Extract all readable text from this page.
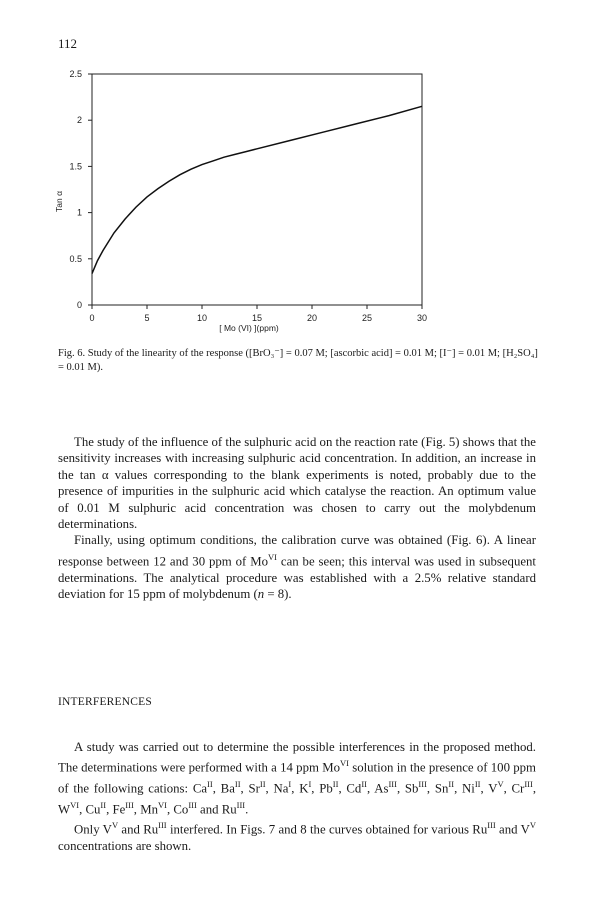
112
0	5	10	15	20	25	30
0
0.5
1
1.5
2
2.5
[ Mo (VI) ](ppm)
Tan α
Fig. 6. Study of the linearity of the response ([BrO₃⁻] = 0.07 M; [ascorbic acid] = 0.01 M; [I⁻] = 0.01 M; [H₂SO₄] = 0.01 M).

The study of the influence of the sulphuric acid on the reaction rate (Fig. 5) shows that the sensitivity increases with increasing sulphuric acid concentration. In addition, an increase in the tan α values corresponding to the blank experiments is noted, probably due to the presence of impurities in the sulphuric acid which catalyse the reaction. An optimum value of 0.01 M sulphuric acid concentration was chosen to carry out the molybdenum determinations.

Finally, using optimum conditions, the calibration curve was obtained (Fig. 6). A linear response between 12 and 30 ppm of $Mo^{VI}$ can be seen; this interval was used in subsequent determinations. The analytical procedure was established with a 2.5% relative standard deviation for 15 ppm of molybdenum (n = 8).

INTERFERENCES

A study was carried out to determine the possible interferences in the proposed method. The determinations were performed with a 14 ppm $Mo^{VI}$ solution in the presence of 100 ppm of the following cations: $Ca^{II}$, $Ba^{II}$, $Sr^{II}$, $Na^I$, $K^I$, $Pb^{II}$, $Cd^{II}$, $As^{III}$, $Sb^{III}$, $Sn^{II}$, $Ni^{II}$, $V^V$, $Cr^{III}$, $W^{VI}$, $Cu^{II}$, $Fe^{III}$, $Mn^{VI}$, $Co^{III}$ and $Ru^{III}$.

Only $V^V$ and $Ru^{III}$ interfered. In Figs. 7 and 8 the curves obtained for various $Ru^{III}$ and $V^V$ concentrations are shown.
